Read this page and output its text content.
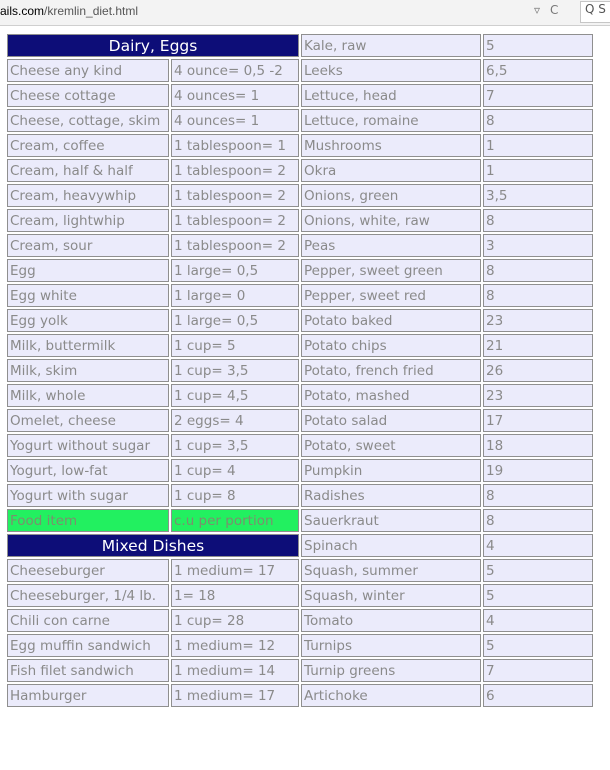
ails.com/kremlin_diet.html	▿ C	Q S
Dairy, Eggs		Kale, raw	5
Cheese any kind	4 ounce= 0,5 -2	Leeks	6,5
Cheese cottage	4 ounces= 1	Lettuce, head	7
Cheese, cottage, skim	4 ounces= 1	Lettuce, romaine	8
Cream, coffee	1 tablespoon= 1	Mushrooms	1
Cream, half & half	1 tablespoon= 2	Okra	1
Cream, heavywhip	1 tablespoon= 2	Onions, green	3,5
Cream, lightwhip	1 tablespoon= 2	Onions, white, raw	8
Cream, sour	1 tablespoon= 2	Peas	3
Egg	1 large= 0,5	Pepper, sweet green	8
Egg white	1 large= 0	Pepper, sweet red	8
Egg yolk	1 large= 0,5	Potato baked	23
Milk, buttermilk	1 cup= 5	Potato chips	21
Milk, skim	1 cup= 3,5	Potato, french fried	26
Milk, whole	1 cup= 4,5	Potato, mashed	23
Omelet, cheese	2 eggs= 4	Potato salad	17
Yogurt without sugar	1 cup= 3,5	Potato, sweet	18
Yogurt, low-fat	1 cup= 4	Pumpkin	19
Yogurt with sugar	1 cup= 8	Radishes	8
Food item	c.u per portion	Sauerkraut	8
Mixed Dishes		Spinach	4
Cheeseburger	1 medium= 17	Squash, summer	5
Cheeseburger, 1/4 lb.	1= 18	Squash, winter	5
Chili con carne	1 cup= 28	Tomato	4
Egg muffin sandwich	1 medium= 12	Turnips	5
Fish filet sandwich	1 medium= 14	Turnip greens	7
Hamburger	1 medium= 17	Artichoke	6
